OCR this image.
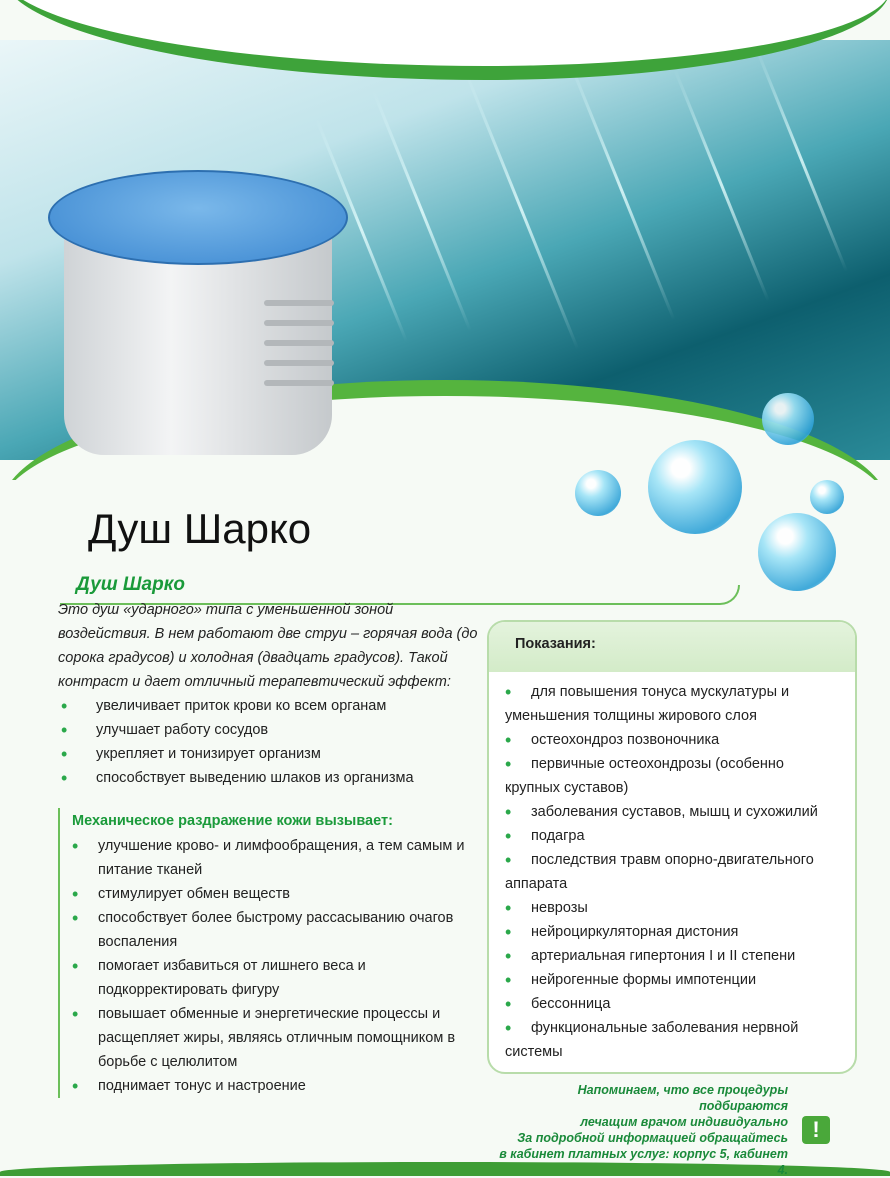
Душ Шарко
Душ Шарко

Это душ «ударного» типа с уменьшенной зоной воздействия. В нем работают две струи – горячая вода (до сорока градусов) и холодная (двадцать градусов). Такой контраст и дает отличный терапевтический эффект:

• увеличивает приток крови ко всем органам
• улучшает работу сосудов
• укрепляет и тонизирует организм
• способствует выведению шлаков из организма
Механическое раздражение кожи вызывает:
• улучшение крово- и лимфообращения, а тем самым и питание тканей
• стимулирует обмен веществ
• способствует более быстрому рассасыванию очагов воспаления
• помогает избавиться от лишнего веса и подкорректировать фигуру
• повышает обменные и энергетические процессы и расщепляет жиры, являясь отличным помощником в борьбе с целюлитом
• поднимает тонус и настроение
Показания:
• для повышения тонуса мускулатуры и уменьшения толщины жирового слоя
• остеохондроз позвоночника
• первичные остеохондрозы (особенно крупных суставов)
• заболевания суставов, мышц и сухожилий
• подагра
• последствия травм опорно-двигательного аппарата
• неврозы
• нейроциркуляторная дистония
• артериальная гипертония I и II степени
• нейрогенные формы импотенции
• бессонница
• функциональные заболевания нервной системы
Напоминаем, что все процедуры подбираются
лечащим врачом индивидуально
За подробной информацией обращайтесь
в кабинет платных услуг: корпус 5, кабинет 4.
!
